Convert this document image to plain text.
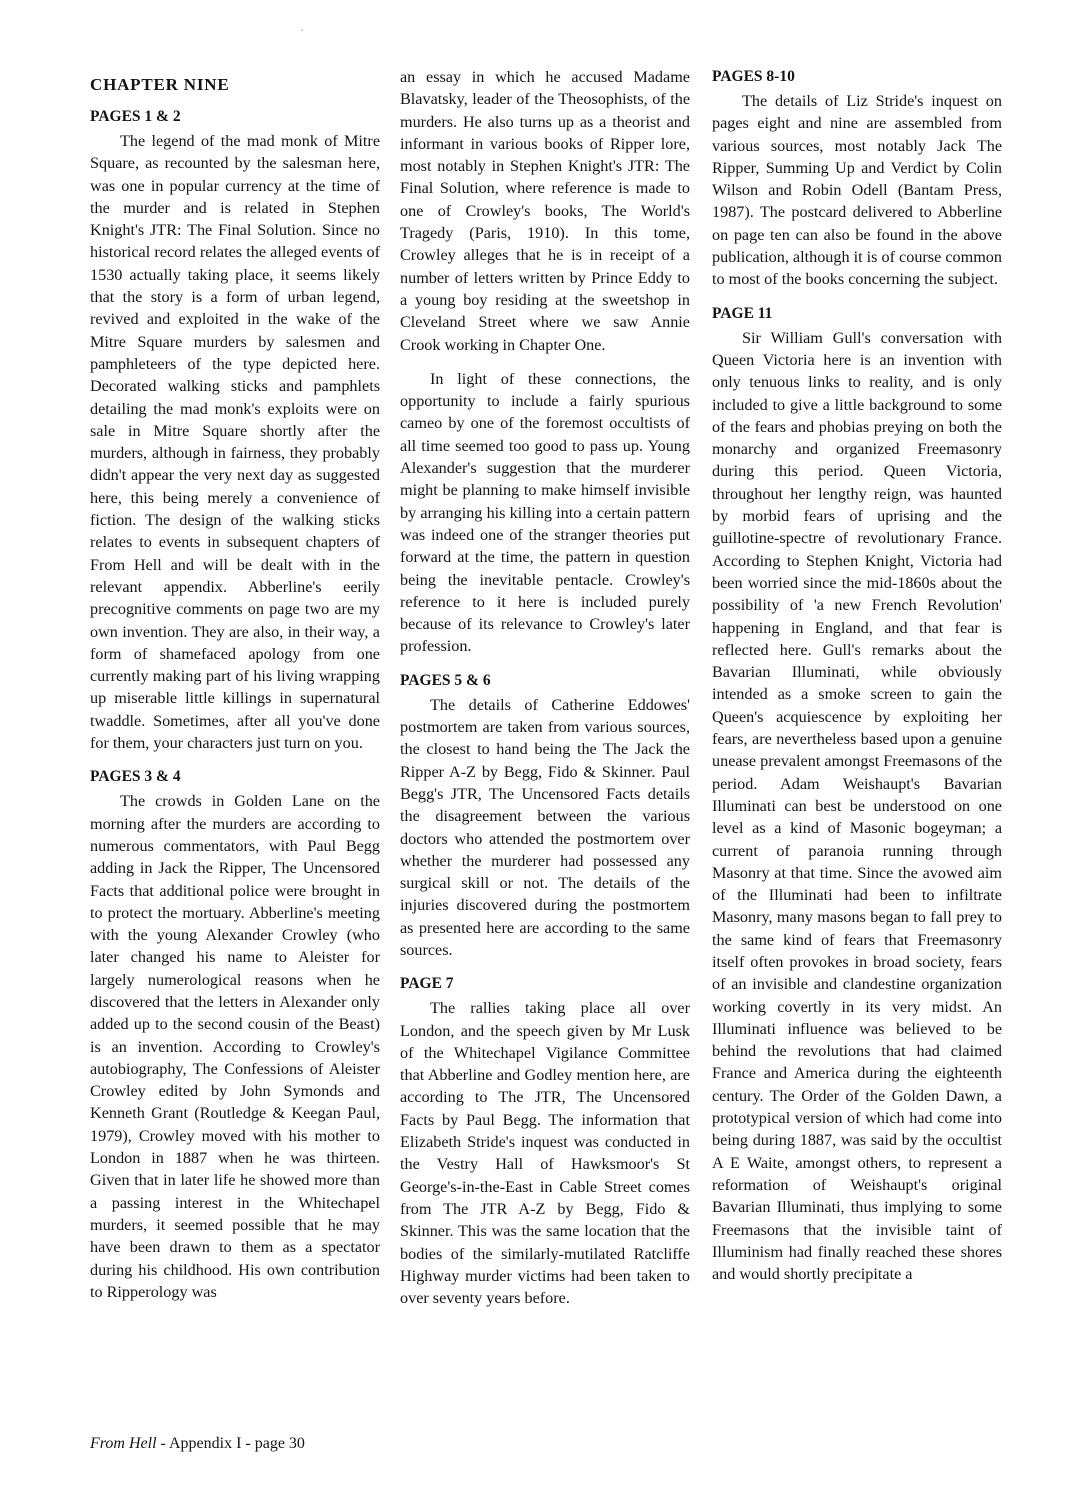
CHAPTER NINE
PAGES 1 & 2

The legend of the mad monk of Mitre Square, as recounted by the salesman here, was one in popular currency at the time of the murder and is related in Stephen Knight's JTR: The Final Solution. Since no historical record relates the alleged events of 1530 actually taking place, it seems likely that the story is a form of urban legend, revived and exploited in the wake of the Mitre Square murders by salesmen and pamphleteers of the type depicted here. Decorated walking sticks and pamphlets detailing the mad monk's exploits were on sale in Mitre Square shortly after the murders, although in fairness, they probably didn't appear the very next day as suggested here, this being merely a convenience of fiction. The design of the walking sticks relates to events in subsequent chapters of From Hell and will be dealt with in the relevant appendix. Abberline's eerily precognitive comments on page two are my own invention. They are also, in their way, a form of shamefaced apology from one currently making part of his living wrapping up miserable little killings in supernatural twaddle. Sometimes, after all you've done for them, your characters just turn on you.

PAGES 3 & 4

The crowds in Golden Lane on the morning after the murders are according to numerous commentators, with Paul Begg adding in Jack the Ripper, The Uncensored Facts that additional police were brought in to protect the mortuary. Abberline's meeting with the young Alexander Crowley (who later changed his name to Aleister for largely numerological reasons when he discovered that the letters in Alexander only added up to the second cousin of the Beast) is an invention. According to Crowley's autobiography, The Confessions of Aleister Crowley edited by John Symonds and Kenneth Grant (Routledge & Keegan Paul, 1979), Crowley moved with his mother to London in 1887 when he was thirteen. Given that in later life he showed more than a passing interest in the Whitechapel murders, it seemed possible that he may have been drawn to them as a spectator during his childhood. His own contribution to Ripperology was

an essay in which he accused Madame Blavatsky, leader of the Theosophists, of the murders. He also turns up as a theorist and informant in various books of Ripper lore, most notably in Stephen Knight's JTR: The Final Solution, where reference is made to one of Crowley's books, The World's Tragedy (Paris, 1910). In this tome, Crowley alleges that he is in receipt of a number of letters written by Prince Eddy to a young boy residing at the sweetshop in Cleveland Street where we saw Annie Crook working in Chapter One.

In light of these connections, the opportunity to include a fairly spurious cameo by one of the foremost occultists of all time seemed too good to pass up. Young Alexander's suggestion that the murderer might be planning to make himself invisible by arranging his killing into a certain pattern was indeed one of the stranger theories put forward at the time, the pattern in question being the inevitable pentacle. Crowley's reference to it here is included purely because of its relevance to Crowley's later profession.

PAGES 5 & 6

The details of Catherine Eddowes' postmortem are taken from various sources, the closest to hand being the The Jack the Ripper A-Z by Begg, Fido & Skinner. Paul Begg's JTR, The Uncensored Facts details the disagreement between the various doctors who attended the postmortem over whether the murderer had possessed any surgical skill or not. The details of the injuries discovered during the postmortem as presented here are according to the same sources.

PAGE 7

The rallies taking place all over London, and the speech given by Mr Lusk of the Whitechapel Vigilance Committee that Abberline and Godley mention here, are according to The JTR, The Uncensored Facts by Paul Begg. The information that Elizabeth Stride's inquest was conducted in the Vestry Hall of Hawksmoor's St George's-in-the-East in Cable Street comes from The JTR A-Z by Begg, Fido & Skinner. This was the same location that the bodies of the similarly-mutilated Ratcliffe Highway murder victims had been taken to over seventy years before.

PAGES 8-10

The details of Liz Stride's inquest on pages eight and nine are assembled from various sources, most notably Jack The Ripper, Summing Up and Verdict by Colin Wilson and Robin Odell (Bantam Press, 1987). The postcard delivered to Abberline on page ten can also be found in the above publication, although it is of course common to most of the books concerning the subject.

PAGE 11

Sir William Gull's conversation with Queen Victoria here is an invention with only tenuous links to reality, and is only included to give a little background to some of the fears and phobias preying on both the monarchy and organized Freemasonry during this period. Queen Victoria, throughout her lengthy reign, was haunted by morbid fears of uprising and the guillotine-spectre of revolutionary France. According to Stephen Knight, Victoria had been worried since the mid-1860s about the possibility of 'a new French Revolution' happening in England, and that fear is reflected here. Gull's remarks about the Bavarian Illuminati, while obviously intended as a smoke screen to gain the Queen's acquiescence by exploiting her fears, are nevertheless based upon a genuine unease prevalent amongst Freemasons of the period. Adam Weishaupt's Bavarian Illuminati can best be understood on one level as a kind of Masonic bogeyman; a current of paranoia running through Masonry at that time. Since the avowed aim of the Illuminati had been to infiltrate Masonry, many masons began to fall prey to the same kind of fears that Freemasonry itself often provokes in broad society, fears of an invisible and clandestine organization working covertly in its very midst. An Illuminati influence was believed to be behind the revolutions that had claimed France and America during the eighteenth century. The Order of the Golden Dawn, a prototypical version of which had come into being during 1887, was said by the occultist A E Waite, amongst others, to represent a reformation of Weishaupt's original Bavarian Illuminati, thus implying to some Freemasons that the invisible taint of Illuminism had finally reached these shores and would shortly precipitate a

From Hell - Appendix I - page 30
